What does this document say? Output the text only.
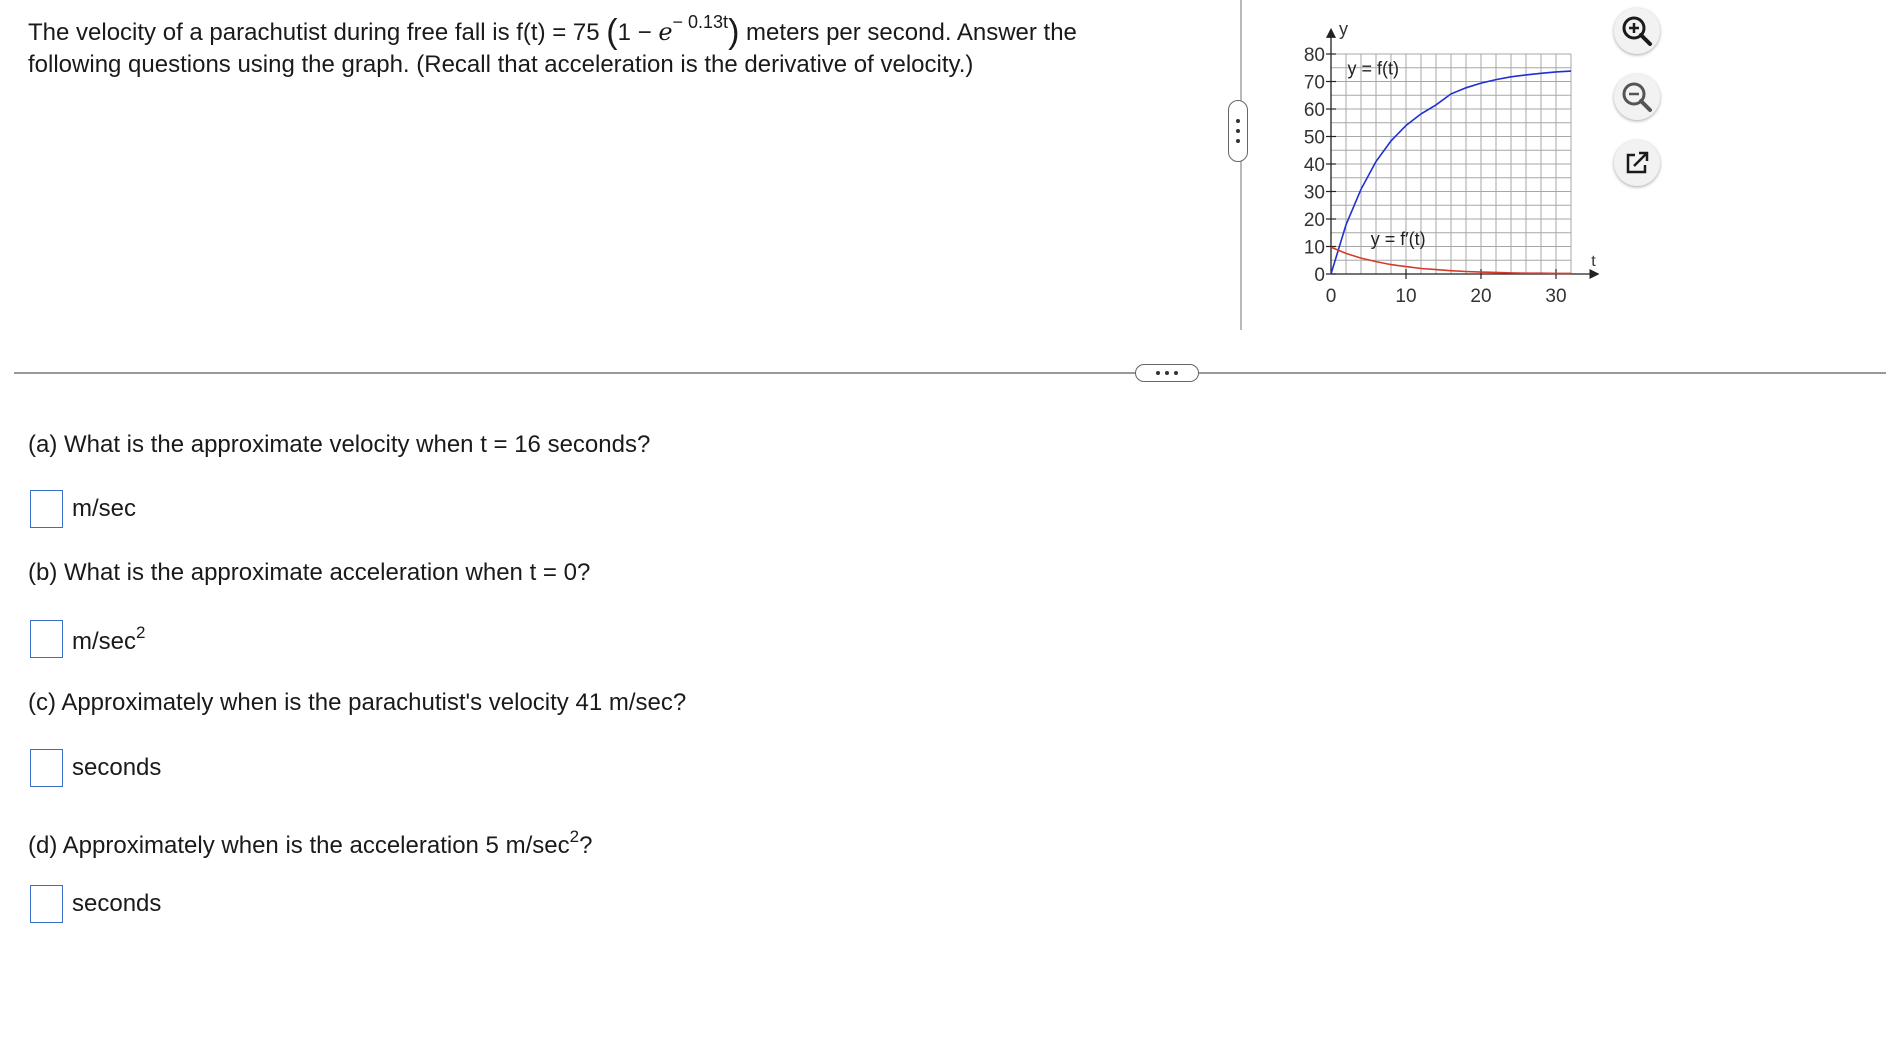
The velocity of a parachutist during free fall is f(t) = 75 $(1 - e^{- 0.13t})$ meters per second. Answer the
following questions using the graph. (Recall that acceleration is the derivative of velocity.)
0
10
20
30
40
50
60
70
80
0	10	20	30
y
t
y = f(t)
y = f′(t)
(a) What is the approximate velocity when t = 16 seconds?
m/sec
(b) What is the approximate acceleration when t = 0?
$m/\sec^2$
(c) Approximately when is the parachutist's velocity 41 m/sec?
seconds
(d) Approximately when is the acceleration 5 $m/\sec^2$?
seconds
